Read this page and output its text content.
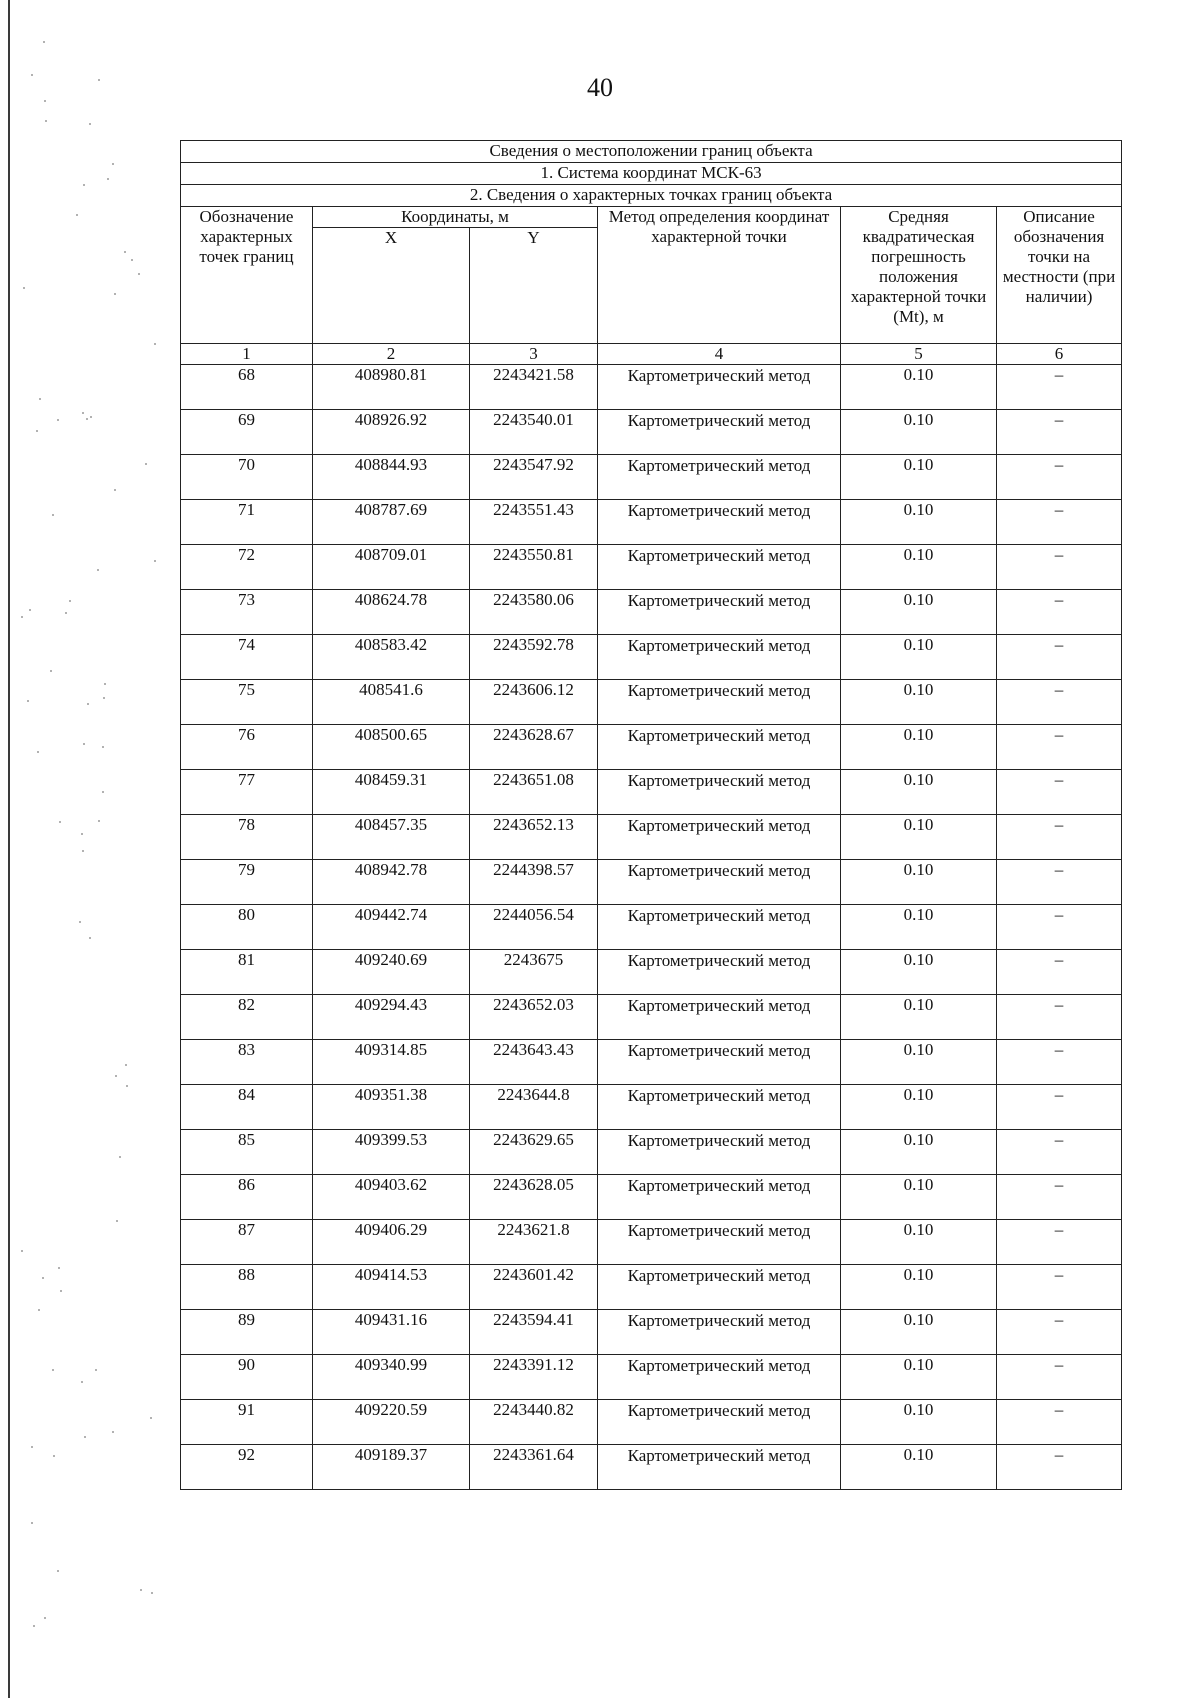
40
Сведения о местоположении границ объекта					
1. Система координат МСК-63					
2. Сведения о характерных точках границ объекта					
Обозначение характерных точек границ	Координаты, м		Метод определения координат характерной точки	Средняя квадратическая погрешность положения характерной точки (Mt), м	Описание обозначения точки на местности (при наличии)
	X	Y			
1	2	3	4	5	6
68	408980.81	2243421.58	Картометрический метод	0.10	–
69	408926.92	2243540.01	Картометрический метод	0.10	–
70	408844.93	2243547.92	Картометрический метод	0.10	–
71	408787.69	2243551.43	Картометрический метод	0.10	–
72	408709.01	2243550.81	Картометрический метод	0.10	–
73	408624.78	2243580.06	Картометрический метод	0.10	–
74	408583.42	2243592.78	Картометрический метод	0.10	–
75	408541.6	2243606.12	Картометрический метод	0.10	–
76	408500.65	2243628.67	Картометрический метод	0.10	–
77	408459.31	2243651.08	Картометрический метод	0.10	–
78	408457.35	2243652.13	Картометрический метод	0.10	–
79	408942.78	2244398.57	Картометрический метод	0.10	–
80	409442.74	2244056.54	Картометрический метод	0.10	–
81	409240.69	2243675	Картометрический метод	0.10	–
82	409294.43	2243652.03	Картометрический метод	0.10	–
83	409314.85	2243643.43	Картометрический метод	0.10	–
84	409351.38	2243644.8	Картометрический метод	0.10	–
85	409399.53	2243629.65	Картометрический метод	0.10	–
86	409403.62	2243628.05	Картометрический метод	0.10	–
87	409406.29	2243621.8	Картометрический метод	0.10	–
88	409414.53	2243601.42	Картометрический метод	0.10	–
89	409431.16	2243594.41	Картометрический метод	0.10	–
90	409340.99	2243391.12	Картометрический метод	0.10	–
91	409220.59	2243440.82	Картометрический метод	0.10	–
92	409189.37	2243361.64	Картометрический метод	0.10	–
